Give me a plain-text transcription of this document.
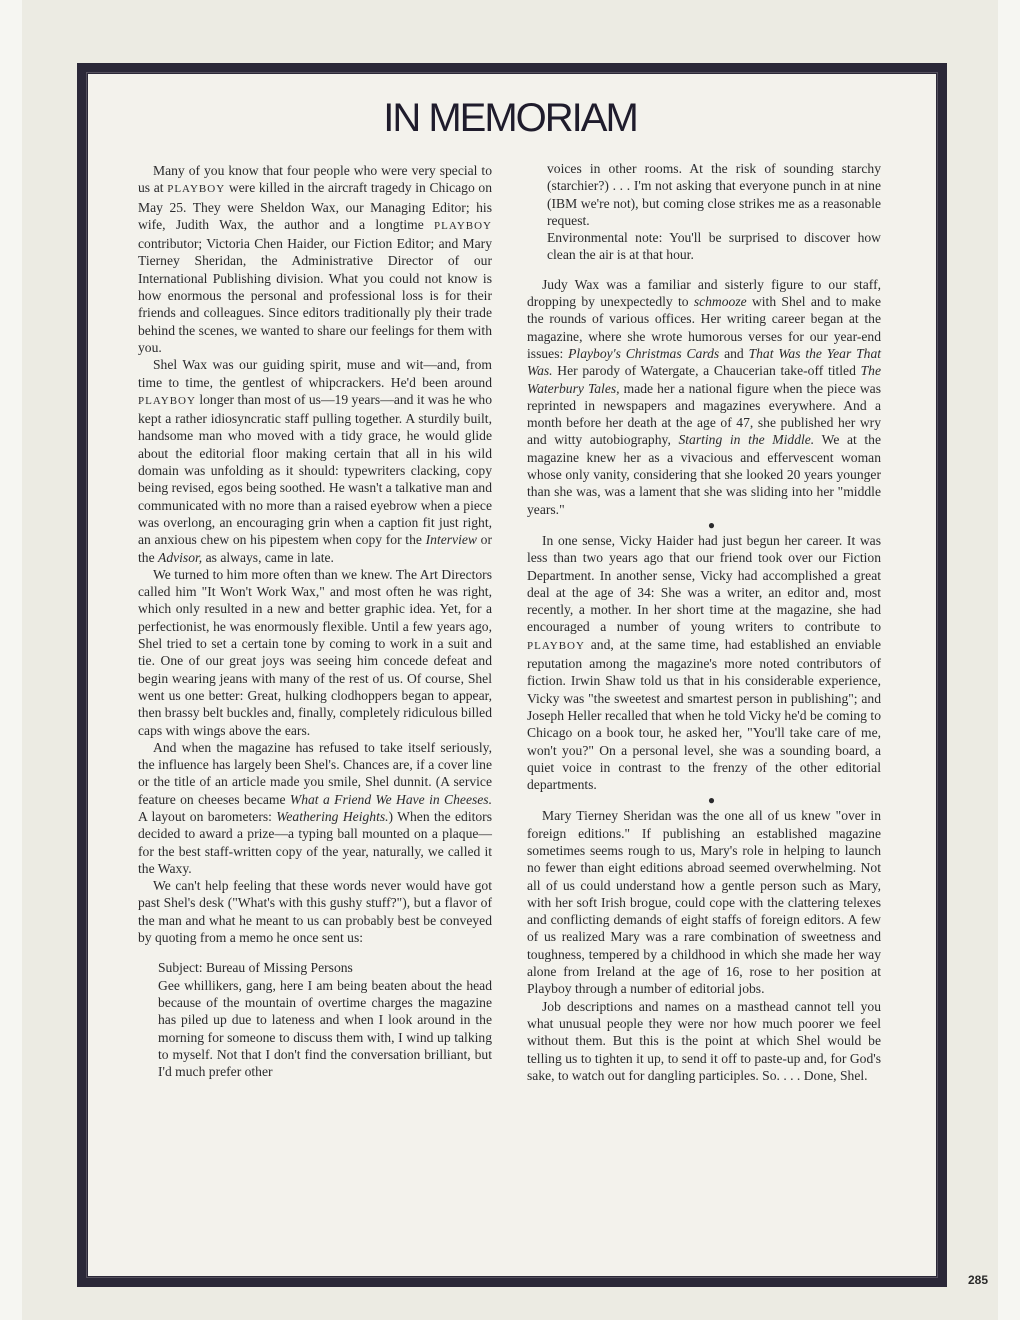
IN MEMORIAM

Many of you know that four people who were very special to us at PLAYBOY were killed in the aircraft tragedy in Chicago on May 25. They were Sheldon Wax, our Managing Editor; his wife, Judith Wax, the author and a longtime PLAYBOY contributor; Victoria Chen Haider, our Fiction Editor; and Mary Tierney Sheridan, the Administrative Director of our International Publishing division. What you could not know is how enormous the personal and professional loss is for their friends and colleagues. Since editors traditionally ply their trade behind the scenes, we wanted to share our feelings for them with you.

Shel Wax was our guiding spirit, muse and wit—and, from time to time, the gentlest of whipcrackers. He'd been around PLAYBOY longer than most of us—19 years—and it was he who kept a rather idiosyncratic staff pulling together. A sturdily built, handsome man who moved with a tidy grace, he would glide about the editorial floor making certain that all in his wild domain was unfolding as it should: typewriters clacking, copy being revised, egos being soothed. He wasn't a talkative man and communicated with no more than a raised eyebrow when a piece was overlong, an encouraging grin when a caption fit just right, an anxious chew on his pipestem when copy for the Interview or the Advisor, as always, came in late.

We turned to him more often than we knew. The Art Directors called him "It Won't Work Wax," and most often he was right, which only resulted in a new and better graphic idea. Yet, for a perfectionist, he was enormously flexible. Until a few years ago, Shel tried to set a certain tone by coming to work in a suit and tie. One of our great joys was seeing him concede defeat and begin wearing jeans with many of the rest of us. Of course, Shel went us one better: Great, hulking clodhoppers began to appear, then brassy belt buckles and, finally, completely ridiculous billed caps with wings above the ears.

And when the magazine has refused to take itself seriously, the influence has largely been Shel's. Chances are, if a cover line or the title of an article made you smile, Shel dunnit. (A service feature on cheeses became What a Friend We Have in Cheeses. A layout on barometers: Weathering Heights.) When the editors decided to award a prize—a typing ball mounted on a plaque—for the best staff-written copy of the year, naturally, we called it the Waxy.

We can't help feeling that these words never would have got past Shel's desk ("What's with this gushy stuff?"), but a flavor of the man and what he meant to us can probably best be conveyed by quoting from a memo he once sent us:

Subject: Bureau of Missing Persons

Gee whillikers, gang, here I am being beaten about the head because of the mountain of overtime charges the magazine has piled up due to lateness and when I look around in the morning for someone to discuss them with, I wind up talking to myself. Not that I don't find the conversation brilliant, but I'd much prefer other

voices in other rooms. At the risk of sounding starchy (starchier?) . . . I'm not asking that everyone punch in at nine (IBM we're not), but coming close strikes me as a reasonable request.

Environmental note: You'll be surprised to discover how clean the air is at that hour.

Judy Wax was a familiar and sisterly figure to our staff, dropping by unexpectedly to schmooze with Shel and to make the rounds of various offices. Her writing career began at the magazine, where she wrote humorous verses for our year-end issues: Playboy's Christmas Cards and That Was the Year That Was. Her parody of Watergate, a Chaucerian take-off titled The Waterbury Tales, made her a national figure when the piece was reprinted in newspapers and magazines everywhere. And a month before her death at the age of 47, she published her wry and witty autobiography, Starting in the Middle. We at the magazine knew her as a vivacious and effervescent woman whose only vanity, considering that she looked 20 years younger than she was, was a lament that she was sliding into her "middle years."

●

In one sense, Vicky Haider had just begun her career. It was less than two years ago that our friend took over our Fiction Department. In another sense, Vicky had accomplished a great deal at the age of 34: She was a writer, an editor and, most recently, a mother. In her short time at the magazine, she had encouraged a number of young writers to contribute to PLAYBOY and, at the same time, had established an enviable reputation among the magazine's more noted contributors of fiction. Irwin Shaw told us that in his considerable experience, Vicky was "the sweetest and smartest person in publishing"; and Joseph Heller recalled that when he told Vicky he'd be coming to Chicago on a book tour, he asked her, "You'll take care of me, won't you?" On a personal level, she was a sounding board, a quiet voice in contrast to the frenzy of the other editorial departments.

●

Mary Tierney Sheridan was the one all of us knew "over in foreign editions." If publishing an established magazine sometimes seems rough to us, Mary's role in helping to launch no fewer than eight editions abroad seemed overwhelming. Not all of us could understand how a gentle person such as Mary, with her soft Irish brogue, could cope with the clattering telexes and conflicting demands of eight staffs of foreign editors. A few of us realized Mary was a rare combination of sweetness and toughness, tempered by a childhood in which she made her way alone from Ireland at the age of 16, rose to her position at Playboy through a number of editorial jobs.

Job descriptions and names on a masthead cannot tell you what unusual people they were nor how much poorer we feel without them. But this is the point at which Shel would be telling us to tighten it up, to send it off to paste-up and, for God's sake, to watch out for dangling participles. So. . . . Done, Shel.

285
